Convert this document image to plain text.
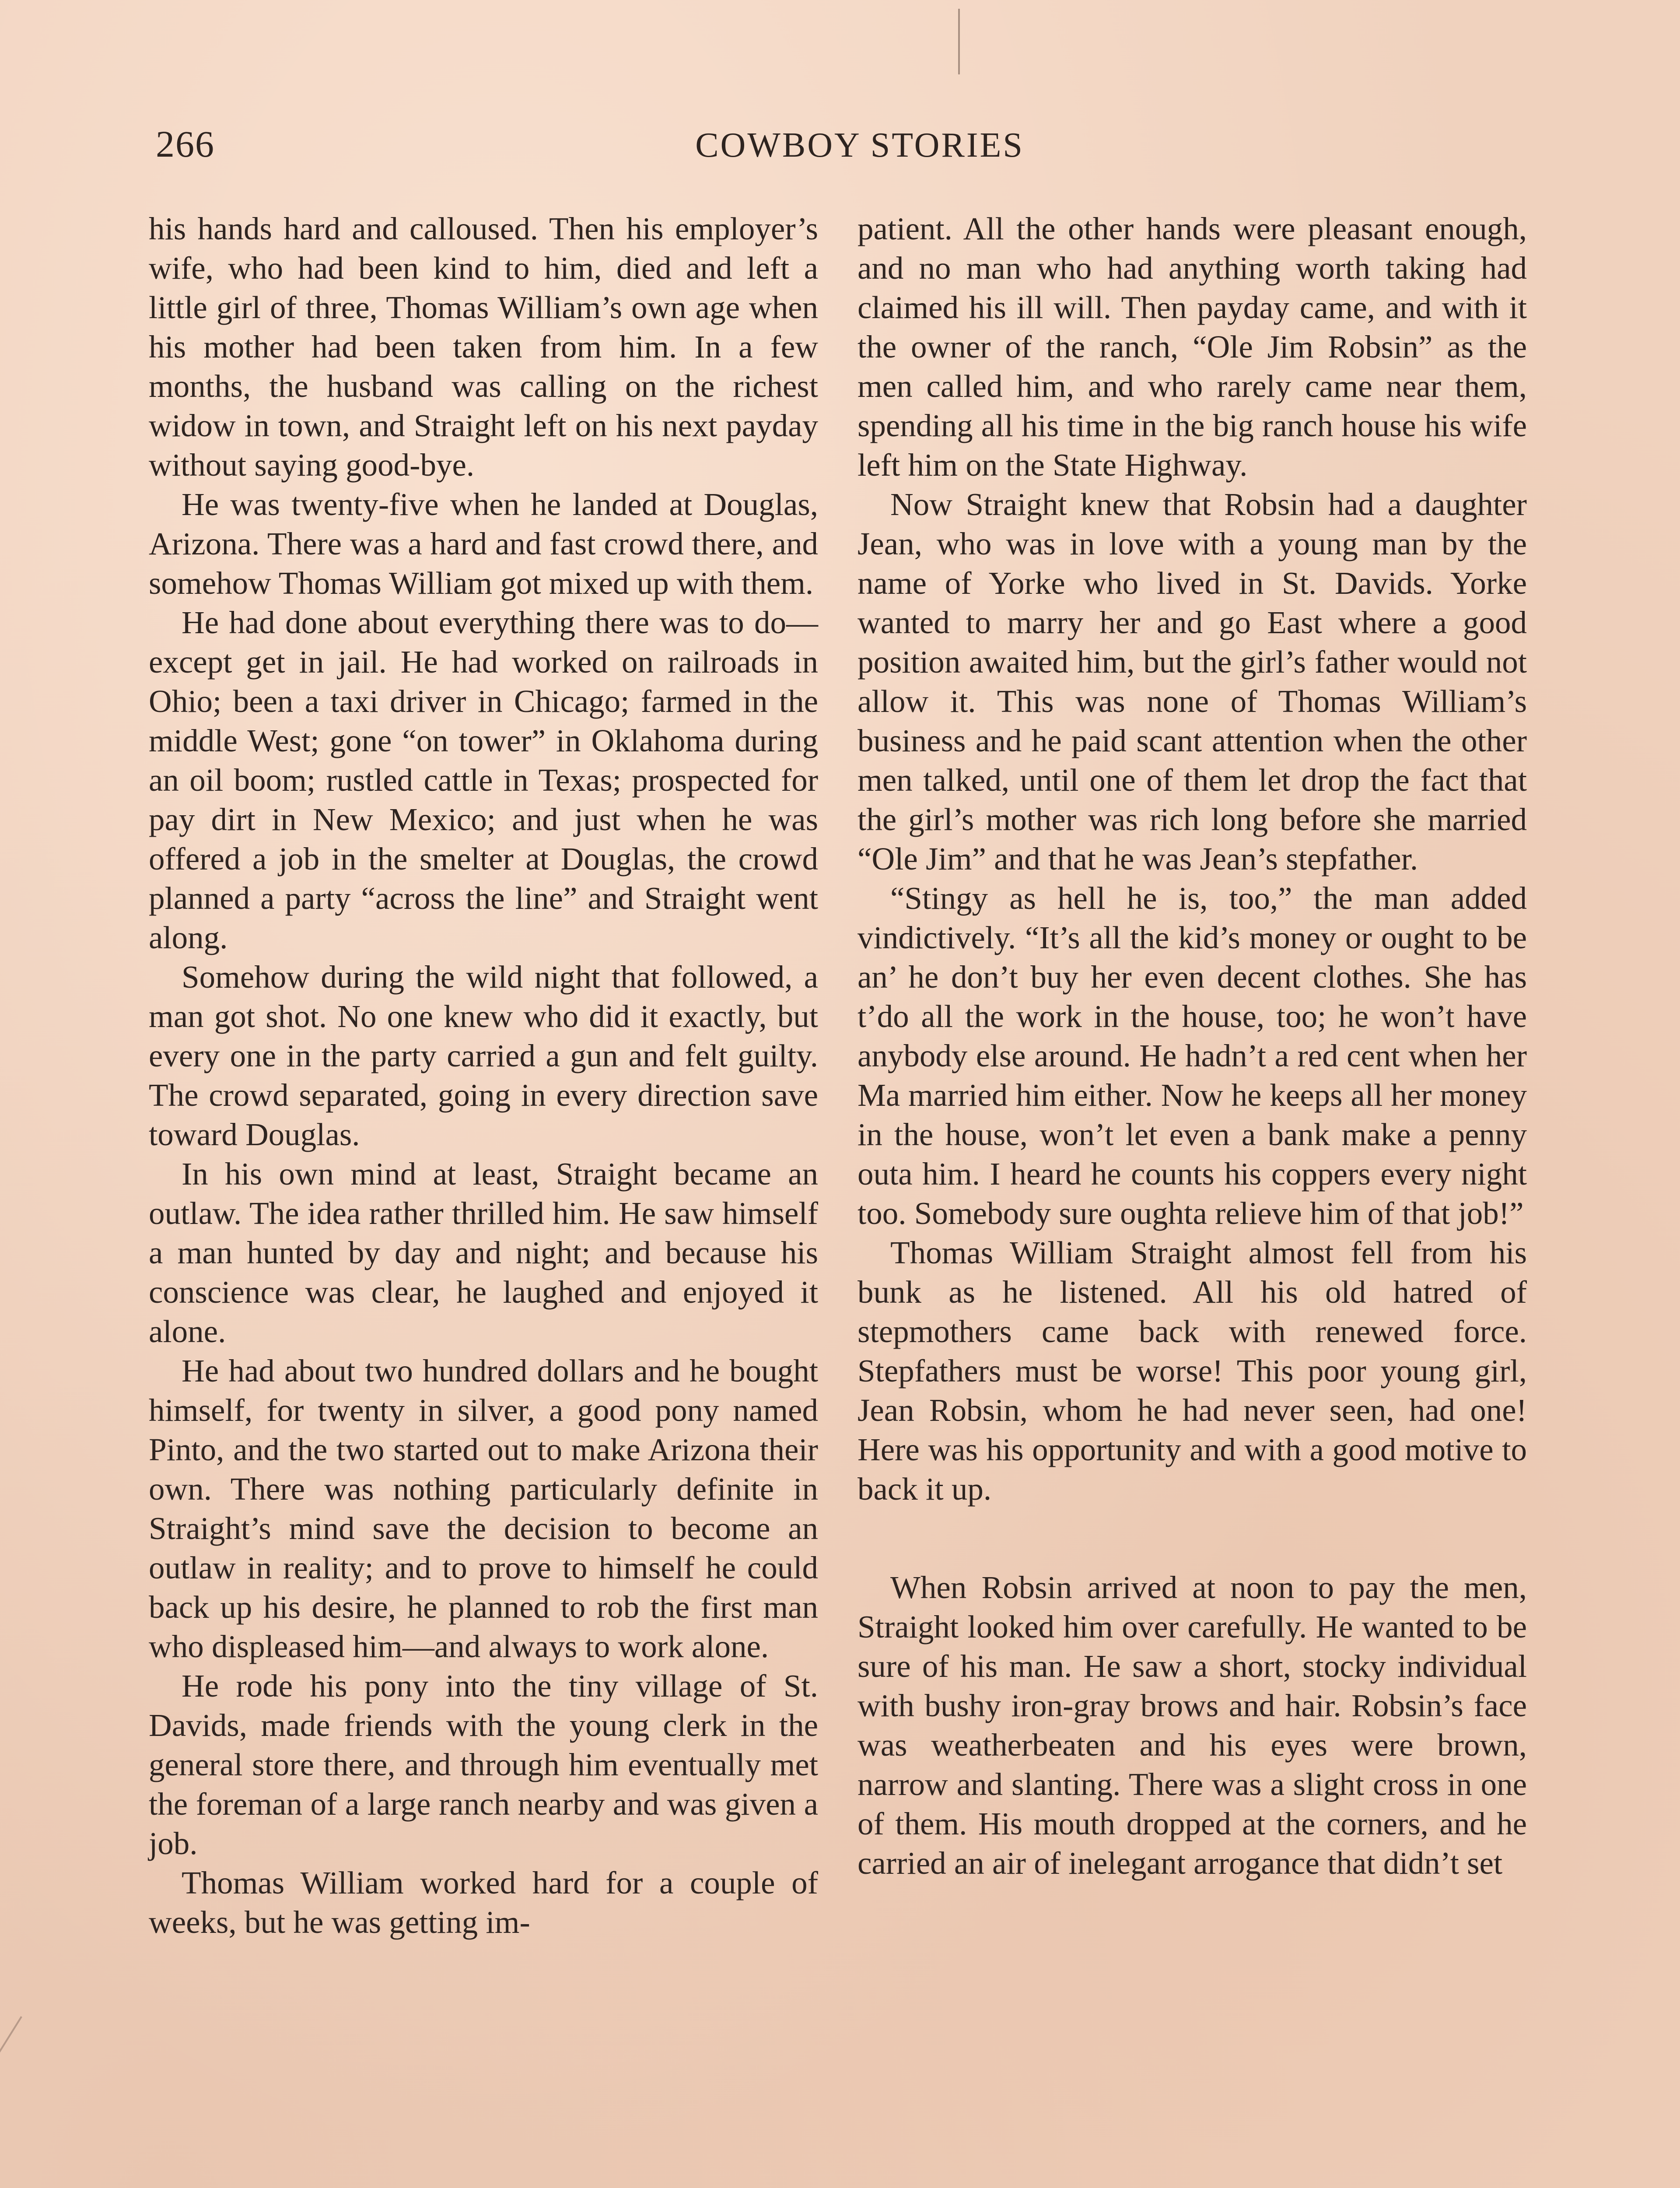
266	COWBOY STORIES

his hands hard and calloused. Then his employer’s wife, who had been kind to him, died and left a little girl of three, Thomas William’s own age when his mother had been taken from him. In a few months, the husband was calling on the richest widow in town, and Straight left on his next payday without saying good-bye.

He was twenty-five when he landed at Douglas, Arizona. There was a hard and fast crowd there, and somehow Thomas William got mixed up with them.

He had done about everything there was to do—except get in jail. He had worked on railroads in Ohio; been a taxi driver in Chicago; farmed in the middle West; gone “on tower” in Oklahoma during an oil boom; rustled cattle in Texas; prospected for pay dirt in New Mexico; and just when he was offered a job in the smelter at Douglas, the crowd planned a party “across the line” and Straight went along.

Somehow during the wild night that followed, a man got shot. No one knew who did it exactly, but every one in the party carried a gun and felt guilty. The crowd separated, going in every direction save toward Douglas.

In his own mind at least, Straight became an outlaw. The idea rather thrilled him. He saw himself a man hunted by day and night; and because his conscience was clear, he laughed and enjoyed it alone.

He had about two hundred dollars and he bought himself, for twenty in silver, a good pony named Pinto, and the two started out to make Arizona their own. There was nothing particularly definite in Straight’s mind save the decision to become an outlaw in reality; and to prove to himself he could back up his desire, he planned to rob the first man who displeased him—and always to work alone.

He rode his pony into the tiny village of St. Davids, made friends with the young clerk in the general store there, and through him eventually met the foreman of a large ranch nearby and was given a job.

Thomas William worked hard for a couple of weeks, but he was getting im-

patient. All the other hands were pleasant enough, and no man who had anything worth taking had claimed his ill will. Then payday came, and with it the owner of the ranch, “Ole Jim Robsin” as the men called him, and who rarely came near them, spending all his time in the big ranch house his wife left him on the State Highway.

Now Straight knew that Robsin had a daughter Jean, who was in love with a young man by the name of Yorke who lived in St. Davids. Yorke wanted to marry her and go East where a good position awaited him, but the girl’s father would not allow it. This was none of Thomas William’s business and he paid scant attention when the other men talked, until one of them let drop the fact that the girl’s mother was rich long before she married “Ole Jim” and that he was Jean’s stepfather.

“Stingy as hell he is, too,” the man added vindictively. “It’s all the kid’s money or ought to be an’ he don’t buy her even decent clothes. She has t’do all the work in the house, too; he won’t have anybody else around. He hadn’t a red cent when her Ma married him either. Now he keeps all her money in the house, won’t let even a bank make a penny outa him. I heard he counts his coppers every night too. Somebody sure oughta relieve him of that job!”

Thomas William Straight almost fell from his bunk as he listened. All his old hatred of stepmothers came back with renewed force. Stepfathers must be worse! This poor young girl, Jean Robsin, whom he had never seen, had one! Here was his opportunity and with a good motive to back it up.

When Robsin arrived at noon to pay the men, Straight looked him over carefully. He wanted to be sure of his man. He saw a short, stocky individual with bushy iron-gray brows and hair. Robsin’s face was weatherbeaten and his eyes were brown, narrow and slanting. There was a slight cross in one of them. His mouth dropped at the corners, and he carried an air of inelegant arrogance that didn’t set
